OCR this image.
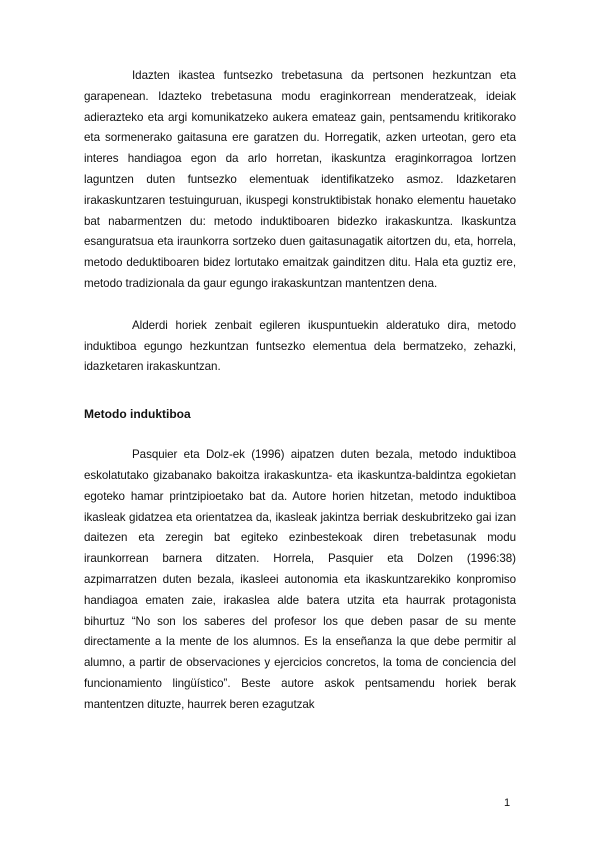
Idazten ikastea funtsezko trebetasuna da pertsonen hezkuntzan eta garapenean. Idazteko trebetasuna modu eraginkorrean menderatzeak, ideiak adierazteko eta argi komunikatzeko aukera emateaz gain, pentsamendu kritikorako eta sormenerako gaitasuna ere garatzen du. Horregatik, azken urteotan, gero eta interes handiagoa egon da arlo horretan, ikaskuntza eraginkorragoa lortzen laguntzen duten funtsezko elementuak identifikatzeko asmoz. Idazketaren irakaskuntzaren testuinguruan, ikuspegi konstruktibistak honako elementu hauetako bat nabarmentzen du: metodo induktiboaren bidezko irakaskuntza. Ikaskuntza esanguratsua eta iraunkorra sortzeko duen gaitasunagatik aitortzen du, eta, horrela, metodo deduktiboaren bidez lortutako emaitzak gainditzen ditu. Hala eta guztiz ere, metodo tradizionala da gaur egungo irakaskuntzan mantentzen dena.

Alderdi horiek zenbait egileren ikuspuntuekin alderatuko dira, metodo induktiboa egungo hezkuntzan funtsezko elementua dela bermatzeko, zehazki, idazketaren irakaskuntzan.

Metodo induktiboa

Pasquier eta Dolz-ek (1996) aipatzen duten bezala, metodo induktiboa eskolatutako gizabanako bakoitza irakaskuntza- eta ikaskuntza-baldintza egokietan egoteko hamar printzipioetako bat da. Autore horien hitzetan, metodo induktiboa ikasleak gidatzea eta orientatzea da, ikasleak jakintza berriak deskubritzeko gai izan daitezen eta zeregin bat egiteko ezinbestekoak diren trebetasunak modu iraunkorrean barnera ditzaten. Horrela, Pasquier eta Dolzen (1996:38) azpimarratzen duten bezala, ikasleei autonomia eta ikaskuntzarekiko konpromiso handiagoa ematen zaie, irakaslea alde batera utzita eta haurrak protagonista bihurtuz “No son los saberes del profesor los que deben pasar de su mente directamente a la mente de los alumnos. Es la enseñanza la que debe permitir al alumno, a partir de observaciones y ejercicios concretos, la toma de conciencia del funcionamiento lingüístico”. Beste autore askok pentsamendu horiek berak mantentzen dituzte, haurrek beren ezagutzak

1
